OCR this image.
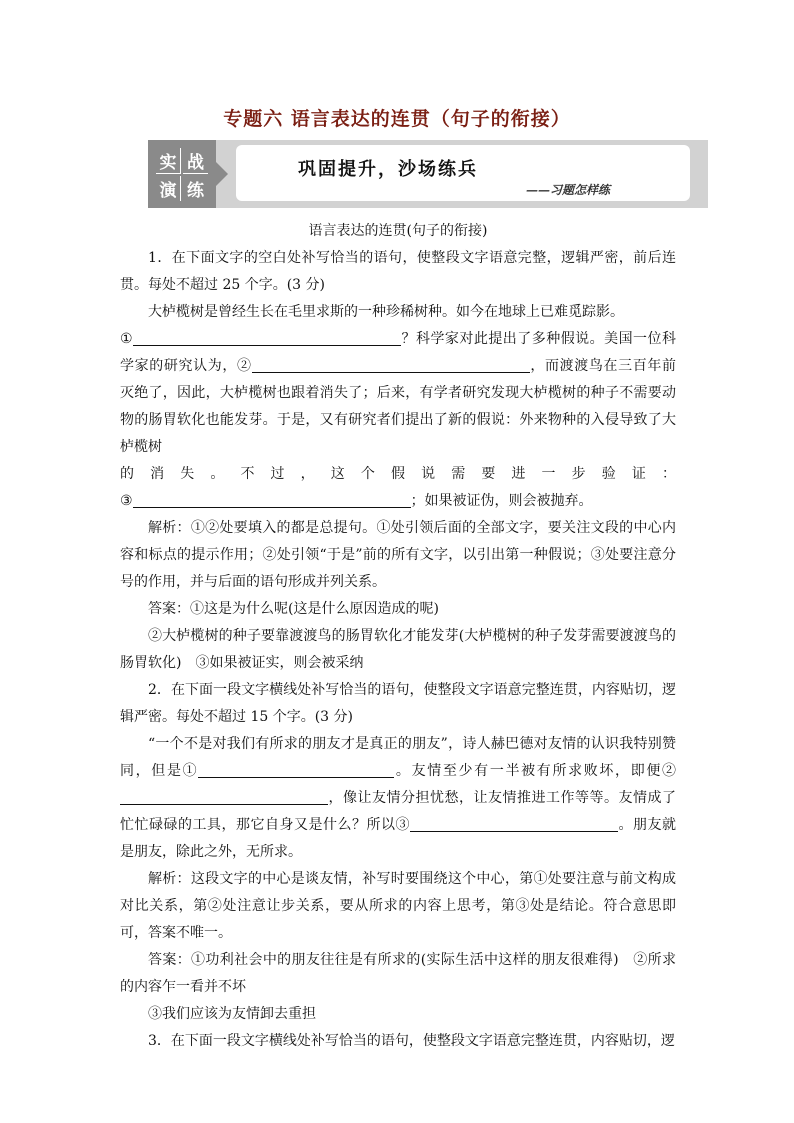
专题六 语言表达的连贯（句子的衔接）
实 战
演 练
巩固提升，沙场练兵
——习题怎样练
语言表达的连贯(句子的衔接)

1．在下面文字的空白处补写恰当的语句，使整段文字语意完整，逻辑严密，前后连贯。每处不超过 25 个字。(3 分)

大栌榄树是曾经生长在毛里求斯的一种珍稀树种。如今在地球上已难觅踪影。

①	？科学家对此提出了多种假说。美国一位科学家的研究认为，②	，而渡渡鸟在三百年前灭绝了，因此，大栌榄树也跟着消失了；后来，有学者研究发现大栌榄树的种子不需要动物的肠胃软化也能发芽。于是，又有研究者们提出了新的假说：外来物种的入侵导致了大栌榄树

的 消 失 。 不 过 ， 这 个 假 说 需 要 进 一 步 验 证 ：

③	；如果被证伪，则会被抛弃。

解析：①②处要填入的都是总提句。①处引领后面的全部文字，要关注文段的中心内容和标点的提示作用；②处引领“于是”前的所有文字，以引出第一种假说；③处要注意分号的作用，并与后面的语句形成并列关系。

答案：①这是为什么呢(这是什么原因造成的呢)

②大栌榄树的种子要靠渡渡鸟的肠胃软化才能发芽(大栌榄树的种子发芽需要渡渡鸟的肠胃软化)　③如果被证实，则会被采纳

2．在下面一段文字横线处补写恰当的语句，使整段文字语意完整连贯，内容贴切，逻辑严密。每处不超过 15 个字。(3 分)

“一个不是对我们有所求的朋友才是真正的朋友”，诗人赫巴德对友情的认识我特别赞同，但是①	。友情至少有一半被有所求败坏，即便②，像让友情分担忧愁，让友情推进工作等等。友情成了忙忙碌碌的工具，那它自身又是什么？所以③	。朋友就是朋友，除此之外，无所求。

解析：这段文字的中心是谈友情，补写时要围绕这个中心，第①处要注意与前文构成对比关系，第②处注意让步关系，要从所求的内容上思考，第③处是结论。符合意思即可，答案不唯一。

答案：①功利社会中的朋友往往是有所求的(实际生活中这样的朋友很难得)　②所求的内容乍一看并不坏

③我们应该为友情卸去重担

3．在下面一段文字横线处补写恰当的语句，使整段文字语意完整连贯，内容贴切，逻
